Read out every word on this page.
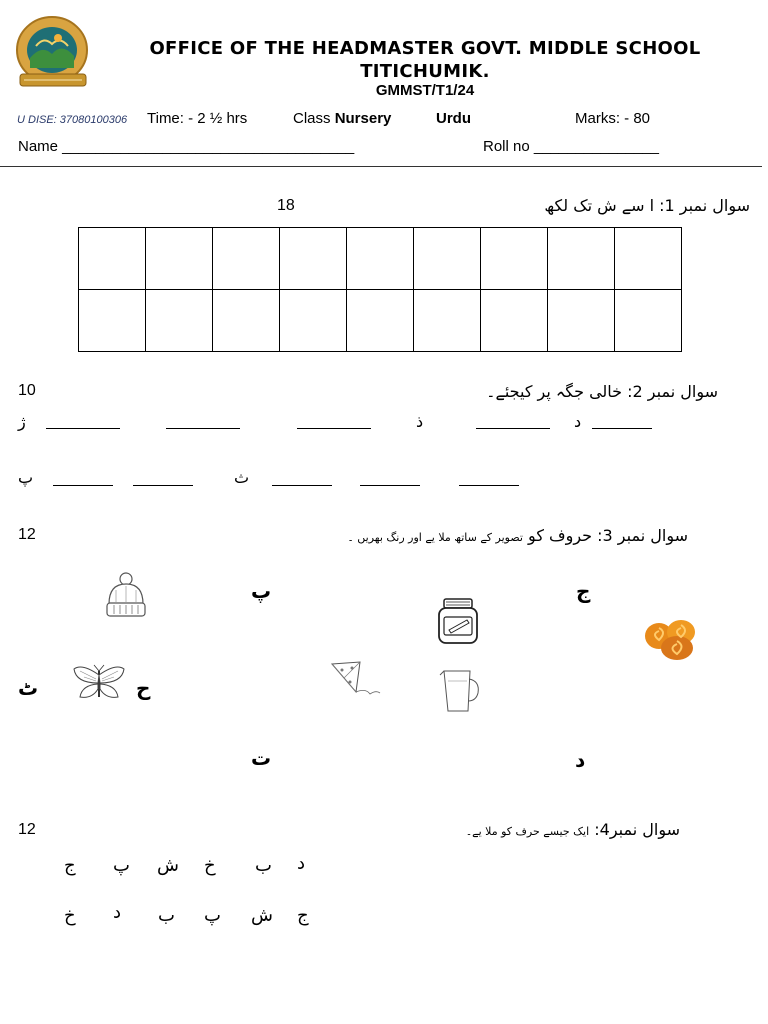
OFFICE OF THE HEADMASTER GOVT. MIDDLE SCHOOL
TITICHUMIK.
GMMST/T1/24
U DISE: 37080100306 Time: - 2 ½ hrs	Class Nursery	Urdu	Marks: - 80
Name ___________________________________	Roll no _______________
18	سوال نمبر 1: ا سے ش تک لکھ

10	سوال نمبر 2: خالی جگہ پر کیجئے۔
ژ	ذ	د
پ	ث
12	سوال نمبر 3: حروف کو تصویر کے ساتھ ملا یے اور رنگ بھریں ۔
پ	ج
ٹ	ح
ت	د
12	سوال نمبر4: ایک جیسے حرف کو ملا یے۔
ج پ ش خ ب د
خ د ب پ ش ج
